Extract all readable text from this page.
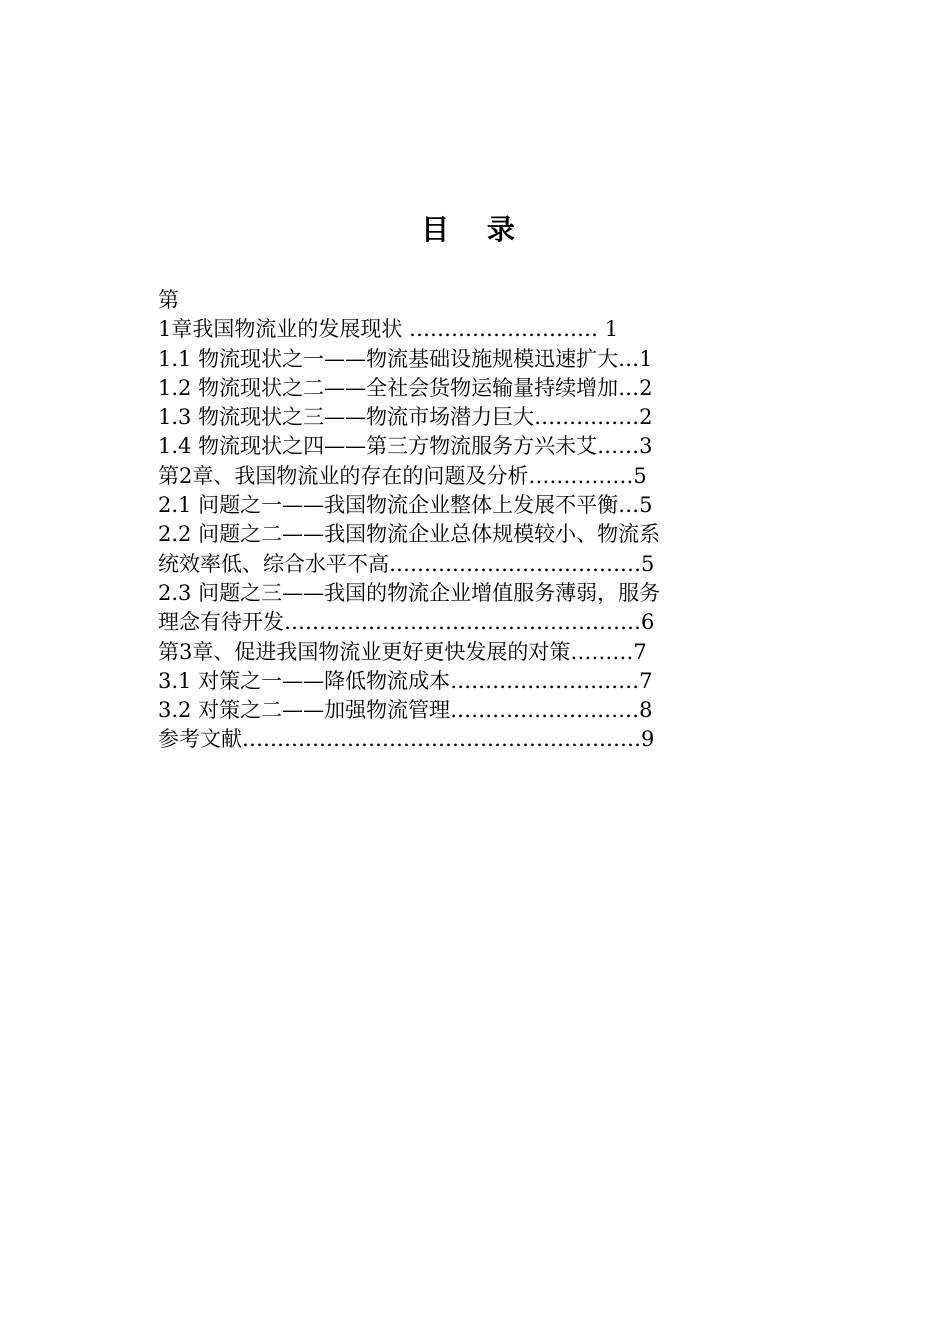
目 录
第
1章我国物流业的发展现状 ……………………… 1
1.1 物流现状之一——物流基础设施规模迅速扩大…1
1.2 物流现状之二——全社会货物运输量持续增加…2
1.3 物流现状之三——物流市场潜力巨大……………2
1.4 物流现状之四——第三方物流服务方兴未艾……3
第2章、我国物流业的存在的问题及分析……………5
2.1 问题之一——我国物流企业整体上发展不平衡…5
2.2 问题之二——我国物流企业总体规模较小、物流系
统效率低、综合水平不高………………………………5
2.3 问题之三——我国的物流企业增值服务薄弱，服务
理念有待开发……………………………………………6
第3章、促进我国物流业更好更快发展的对策………7
3.1 对策之一——降低物流成本………………………7
3.2 对策之二——加强物流管理………………………8
参考文献…………………………………………………9
